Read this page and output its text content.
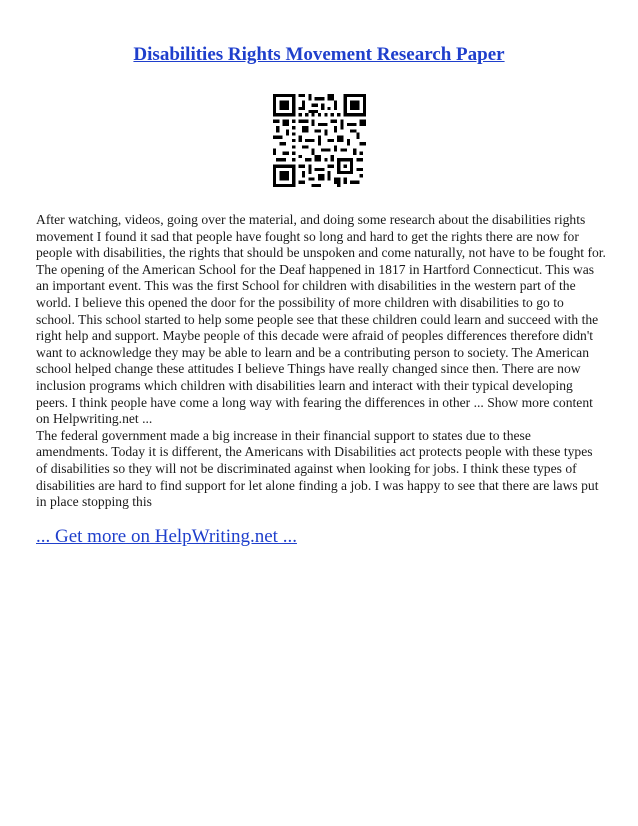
Disabilities Rights Movement Research Paper

After watching, videos, going over the material, and doing some research about the disabilities rights movement I found it sad that people have fought so long and hard to get the rights there are now for people with disabilities, the rights that should be unspoken and come naturally, not have to be fought for. The opening of the American School for the Deaf happened in 1817 in Hartford Connecticut. This was an important event. This was the first School for children with disabilities in the western part of the world. I believe this opened the door for the possibility of more children with disabilities to go to school. This school started to help some people see that these children could learn and succeed with the right help and support. Maybe people of this decade were afraid of peoples differences therefore didn't want to acknowledge they may be able to learn and be a contributing person to society. The American school helped change these attitudes I believe Things have really changed since then. There are now inclusion programs which children with disabilities learn and interact with their typical developing peers. I think people have come a long way with fearing the differences in other ... Show more content on Helpwriting.net ...

The federal government made a big increase in their financial support to states due to these amendments. Today it is different, the Americans with Disabilities act protects people with these types of disabilities so they will not be discriminated against when looking for jobs. I think these types of disabilities are hard to find support for let alone finding a job. I was happy to see that there are laws put in place stopping this

... Get more on HelpWriting.net ...
